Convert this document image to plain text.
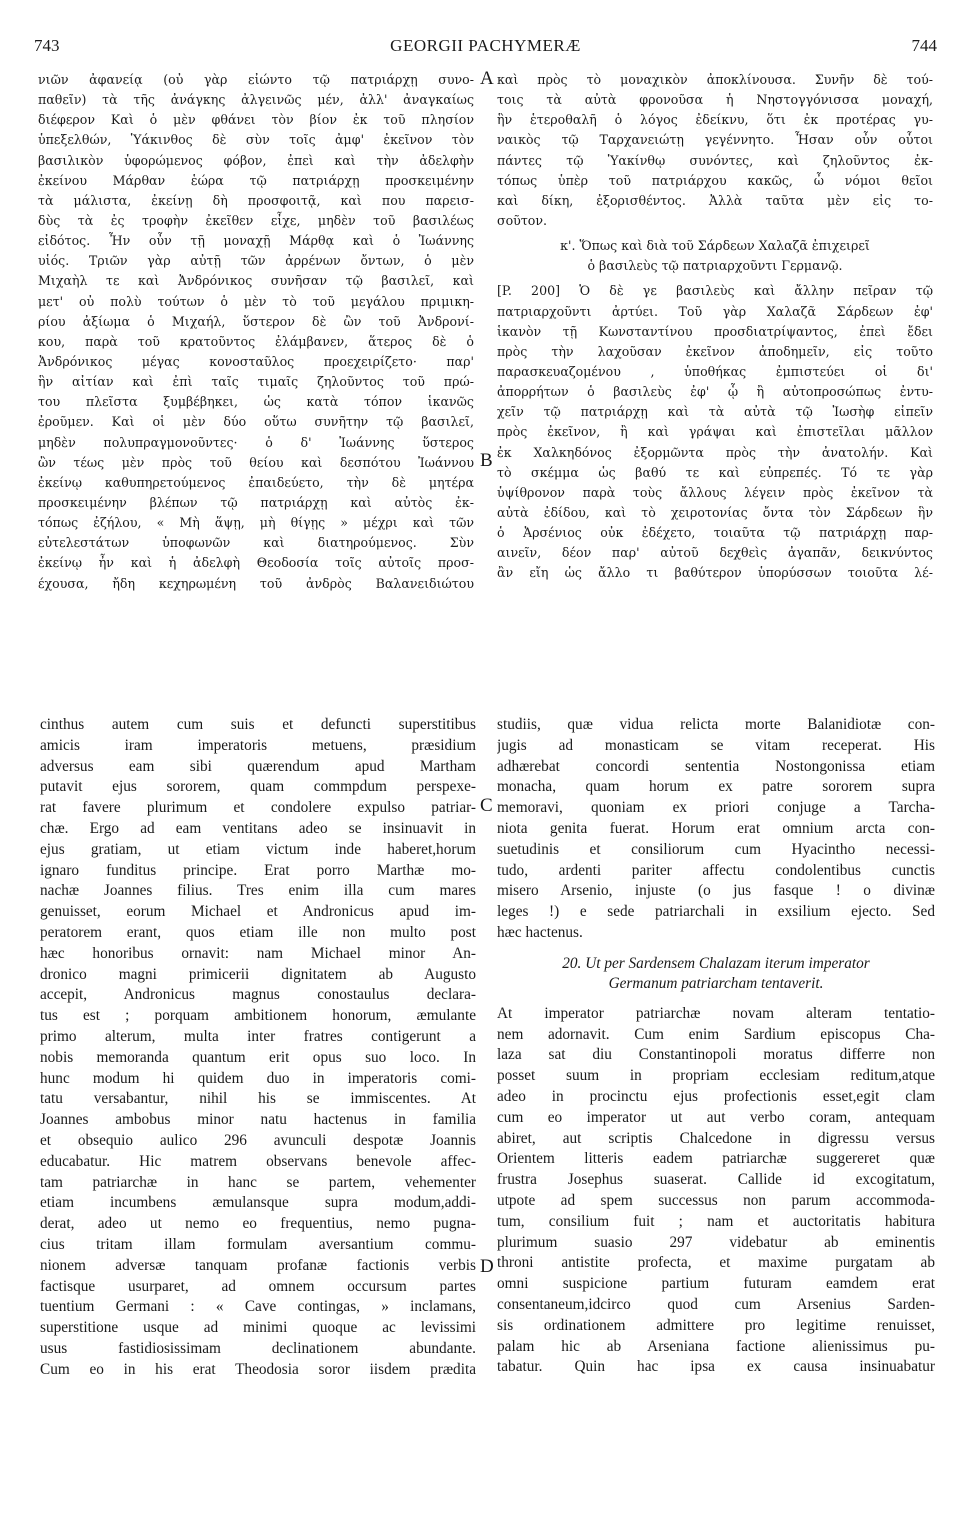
743	GEORGII PACHYMERÆ	744
A
B
C
D
νιῶν ἀφανείᾳ (οὐ γὰρ εἰώντο τῷ πατριάρχῃ συνο-
παθεῖν) τὰ τῆς ἀνάγκης ἀλγεινῶς μέν, ἀλλ' ἀναγκαίως
διέφερον Καὶ ὁ μὲν φθάνει τὸν βίον ἐκ τοῦ πλησίον
ὑπεξελθών, Ὑάκινθος δὲ σὺν τοῖς ἀμφ' ἐκεῖνον τὸν
βασιλικὸν ὑφορώμενος φόβον, ἐπεὶ καὶ τὴν ἀδελφὴν
ἐκείνου Μάρθαν ἑώρα τῷ πατριάρχῃ προσκειμένην
τὰ μάλιστα, ἐκείνῃ δὴ προσφοιτᾷ, καὶ που παρεισ-
δὺς τὰ ἐς τροφὴν ἐκεῖθεν εἶχε, μηδὲν τοῦ βασιλέως
εἰδότος. Ἦν οὖν τῇ μοναχῇ Μάρθᾳ καὶ ὁ Ἰωάννης
υἱός. Τριῶν γὰρ αὐτῇ τῶν ἀρρένων ὄντων, ὁ μὲν
Μιχαὴλ τε καὶ Ἀνδρόνικος συνῆσαν τῷ βασιλεῖ, καὶ
μετ' οὐ πολὺ τούτων ὁ μὲν τὸ τοῦ μεγάλου πριμικη-
ρίου ἀξίωμα ὁ Μιχαήλ, ὕστερον δὲ ὢν τοῦ Ἀνδρονί-
κου, παρὰ τοῦ κρατοῦντος ἐλάμβανεν, ἅτερος δὲ ὁ
Ἀνδρόνικος μέγας κονοσταῦλος προεχειρίζετο· παρ'
ἣν αἰτίαν καὶ ἐπὶ ταῖς τιμαῖς ζηλοῦντος τοῦ πρώ-
του πλεῖστα ξυμβέβηκει, ὡς κατὰ τόπον ἱκανῶς
ἐροῦμεν. Καὶ οἱ μὲν δύο οὕτω συνῆτην τῷ βασιλεῖ,
μηδὲν πολυπραγμονοῦντες· ὁ δ' Ἰωάννης ὕστερος
ὢν τέως μὲν πρὸς τοῦ θείου καὶ δεσπότου Ἰωάννου
ἐκείνῳ καθυπηρετούμενος ἐπαιδεύετο, τὴν δὲ μητέρα
προσκειμένην βλέπων τῷ πατριάρχῃ καὶ αὐτὸς ἐκ-
τόπως ἐζήλου, « Μὴ ἅψῃ, μὴ θίγῃς » μέχρι καὶ τῶν
εὐτελεστάτων ὑποφωνῶν καὶ διατηρούμενος. Σὺν
ἐκείνῳ ἦν καὶ ἡ ἀδελφὴ Θεοδοσία τοῖς αὐτοῖς προσ-
έχουσα, ἤδη κεχηρωμένη τοῦ ἀνδρὸς Βαλανειδιώτου
καὶ πρὸς τὸ μοναχικὸν ἀποκλίνουσα. Συνῆν δὲ τού-
τοις τὰ αὐτὰ φρονοῦσα ἡ Νηστογγόνισσα μοναχή,
ἣν ἑτεροθαλῆ ὁ λόγος ἐδείκνυ, ὅτι ἐκ προτέρας γυ-
ναικὸς τῷ Ταρχανειώτῃ γεγέννητο. Ἦσαν οὖν οὗτοι
πάντες τῷ Ὑακίνθῳ συνόντες, καὶ ζηλοῦντος ἐκ-
τόπως ὑπὲρ τοῦ πατριάρχου κακῶς, ὦ νόμοι θεῖοι
καὶ δίκη, ἐξορισθέντος. Ἀλλὰ ταῦτα μὲν εἰς το-
σοῦτον.
κ'. Ὅπως καὶ διὰ τοῦ Σάρδεων Χαλαζᾶ ἐπιχειρεῖ
ὁ βασιλεὺς τῷ πατριαρχοῦντι Γερμανῷ.
[P. 200] Ὁ δὲ γε βασιλεὺς καὶ ἄλλην πεῖραν τῷ
πατριαρχοῦντι ἀρτύει. Τοῦ γὰρ Χαλαζᾶ Σάρδεων ἐφ'
ἱκανὸν τῇ Κωνσταντίνου προσδιατρίψαντος, ἐπεὶ ἔδει
πρὸς τὴν λαχοῦσαν ἐκεῖνον ἀποδημεῖν, εἰς τοῦτο
παρασκευαζομένου , ὑποθήκας ἐμπιστεύει οἱ δι'
ἀπορρήτων ὁ βασιλεὺς ἐφ' ᾧ ἢ αὐτοπροσώπως ἐντυ-
χεῖν τῷ πατριάρχῃ καὶ τὰ αὐτὰ τῷ Ἰωσὴφ εἰπεῖν
πρὸς ἐκεῖνον, ἢ καὶ γράψαι καὶ ἐπιστεῖλαι μᾶλλον
ἐκ Χαλκηδόνος ἐξορμῶντα πρὸς τὴν ἀνατολήν. Καὶ
τὸ σκέμμα ὡς βαθύ τε καὶ εὐπρεπές. Τό τε γὰρ
ὑψίθρονον παρὰ τοὺς ἄλλους λέγειν πρὸς ἐκεῖνον τὰ
αὐτὰ ἐδίδου, καὶ τὸ χειροτονίας ὄντα τὸν Σάρδεων ἣν
ὁ Ἀρσένιος οὐκ ἐδέχετο, τοιαῦτα τῷ πατριάρχῃ παρ-
αινεῖν, δέον παρ' αὐτοῦ δεχθεὶς ἀγαπᾶν, δεικνύντος
ἂν εἴη ὡς ἄλλο τι βαθύτερον ὑπορύσσων τοιοῦτα λέ-
cinthus autem cum suis et defuncti superstitibus
amicis iram imperatoris metuens, præsidium
adversus eam sibi quærendum apud Martham
putavit ejus sororem, quam commpdum perspexe-
rat favere plurimum et condolere expulso patriar-
chæ. Ergo ad eam ventitans adeo se insinuavit in
ejus gratiam, ut etiam victum inde haberet,horum
ignaro funditus principe. Erat porro Marthæ mo-
nachæ Joannes filius. Tres enim illa cum mares
genuisset, eorum Michael et Andronicus apud im-
peratorem erant, quos etiam ille non multo post
hæc honoribus ornavit: nam Michael minor An-
dronico magni primicerii dignitatem ab Augusto
accepit, Andronicus magnus conostaulus declara-
tus est ; porquam ambitionem honorum, æmulante
primo alterum, multa inter fratres contigerunt a
nobis memoranda quantum erit opus suo loco. In
hunc modum hi quidem duo in imperatoris comi-
tatu versabantur, nihil his se immiscentes. At
Joannes ambobus minor natu hactenus in familia
et obsequio aulico 296 avunculi despotæ Joannis
educabatur. Hic matrem observans benevole affec-
tam patriarchæ in hanc se partem, vehementer
etiam incumbens æmulansque supra modum,addi-
derat, adeo ut nemo eo frequentius, nemo pugna-
cius tritam illam formulam aversantium commu-
nionem adversæ tanquam profanæ factionis verbis
factisque usurparet, ad omnem occursum partes
tuentium Germani : « Cave contingas, » inclamans,
superstitione usque ad minimi quoque ac levissimi
usus fastidiosissimam declinationem abundante.
Cum eo in his erat Theodosia soror iisdem prædita
studiis, quæ vidua relicta morte Balanidiotæ con-
jugis ad monasticam se vitam receperat. His
adhærebat concordi sententia Nostongonissa etiam
monacha, quam horum ex patre sororem supra
memoravi, quoniam ex priori conjuge a Tarcha-
niota genita fuerat. Horum erat omnium arcta con-
suetudinis et consiliorum cum Hyacintho necessi-
tudo, ardenti pariter affectu condolentibus cunctis
misero Arsenio, injuste (o jus fasque ! o divinæ
leges !) e sede patriarchali in exsilium ejecto. Sed
hæc hactenus.
20. Ut per Sardensem Chalazam iterum imperator
Germanum patriarcham tentaverit.
At imperator patriarchæ novam alteram tentatio-
nem adornavit. Cum enim Sardium episcopus Cha-
laza sat diu Constantinopoli moratus differre non
posset suum in propriam ecclesiam reditum,atque
adeo in procinctu ejus profectionis esset,egit clam
cum eo imperator ut aut verbo coram, antequam
abiret, aut scriptis Chalcedone in digressu versus
Orientem litteris eadem patriarchæ suggereret quæ
frustra Josephus suaserat. Callide id excogitatum,
utpote ad spem successus non parum accommoda-
tum, consilium fuit ; nam et auctoritatis habitura
plurimum suasio 297 videbatur ab eminentis
throni antistite profecta, et maxime purgatam ab
omni suspicione partium futuram eamdem erat
consentaneum,idcirco quod cum Arsenius Sarden-
sis ordinationem admittere pro legitime renuisset,
palam hic ab Arseniana factione alienissimus pu-
tabatur. Quin hac ipsa ex causa insinuabatur
